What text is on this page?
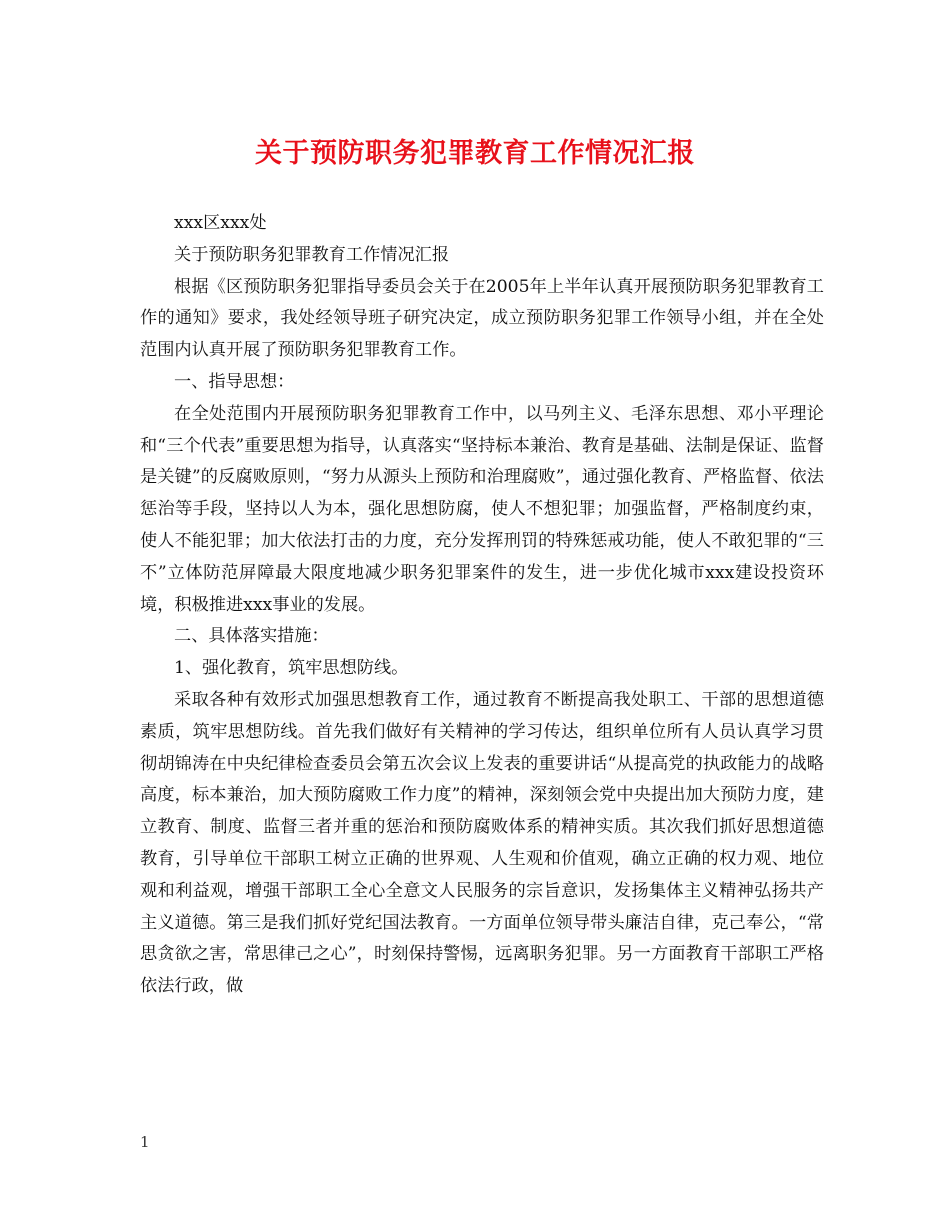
关于预防职务犯罪教育工作情况汇报

xxx区xxx处

关于预防职务犯罪教育工作情况汇报

根据《区预防职务犯罪指导委员会关于在2005年上半年认真开展预防职务犯罪教育工作的通知》要求，我处经领导班子研究决定，成立预防职务犯罪工作领导小组，并在全处范围内认真开展了预防职务犯罪教育工作。

一、指导思想：

在全处范围内开展预防职务犯罪教育工作中，以马列主义、毛泽东思想、邓小平理论和“三个代表”重要思想为指导，认真落实“坚持标本兼治、教育是基础、法制是保证、监督是关键”的反腐败原则，“努力从源头上预防和治理腐败”，通过强化教育、严格监督、依法惩治等手段，坚持以人为本，强化思想防腐，使人不想犯罪；加强监督，严格制度约束，使人不能犯罪；加大依法打击的力度，充分发挥刑罚的特殊惩戒功能，使人不敢犯罪的“三不”立体防范屏障最大限度地减少职务犯罪案件的发生，进一步优化城市xxx建设投资环境，积极推进xxx事业的发展。

二、具体落实措施：

1、强化教育，筑牢思想防线。

采取各种有效形式加强思想教育工作，通过教育不断提高我处职工、干部的思想道德素质，筑牢思想防线。首先我们做好有关精神的学习传达，组织单位所有人员认真学习贯彻胡锦涛在中央纪律检查委员会第五次会议上发表的重要讲话“从提高党的执政能力的战略高度，标本兼治，加大预防腐败工作力度”的精神，深刻领会党中央提出加大预防力度，建立教育、制度、监督三者并重的惩治和预防腐败体系的精神实质。其次我们抓好思想道德教育，引导单位干部职工树立正确的世界观、人生观和价值观，确立正确的权力观、地位观和利益观，增强干部职工全心全意文人民服务的宗旨意识，发扬集体主义精神弘扬共产主义道德。第三是我们抓好党纪国法教育。一方面单位领导带头廉洁自律，克己奉公，“常思贪欲之害，常思律己之心”，时刻保持警惕，远离职务犯罪。另一方面教育干部职工严格依法行政，做

1
